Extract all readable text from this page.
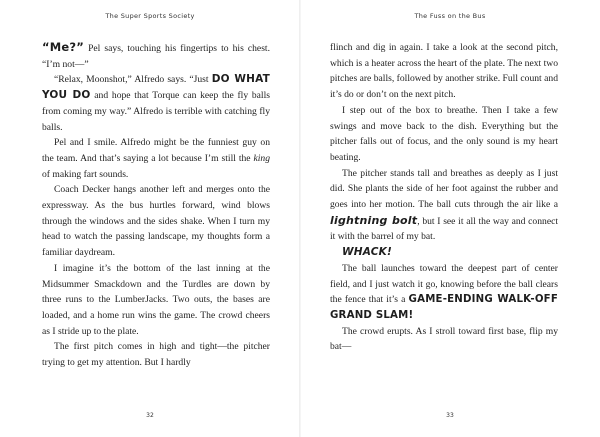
The Super Sports Society

“Me?” Pel says, touching his fingertips to his chest. “I’m not—”

“Relax, Moonshot,” Alfredo says. “Just DO WHAT YOU DO and hope that Torque can keep the fly balls from coming my way.” Alfredo is terrible with catching fly balls.

Pel and I smile. Alfredo might be the funniest guy on the team. And that’s saying a lot because I’m still the king of making fart sounds.

Coach Decker hangs another left and merges onto the expressway. As the bus hurtles forward, wind blows through the windows and the sides shake. When I turn my head to watch the passing landscape, my thoughts form a familiar daydream.

I imagine it’s the bottom of the last inning at the Midsummer Smackdown and the Turdles are down by three runs to the LumberJacks. Two outs, the bases are loaded, and a home run wins the game. The crowd cheers as I stride up to the plate.

The first pitch comes in high and tight—the pitcher trying to get my attention. But I hardly

32
The Fuss on the Bus

flinch and dig in again. I take a look at the second pitch, which is a heater across the heart of the plate. The next two pitches are balls, followed by another strike. Full count and it’s do or don’t on the next pitch.

I step out of the box to breathe. Then I take a few swings and move back to the dish. Everything but the pitcher falls out of focus, and the only sound is my heart beating.

The pitcher stands tall and breathes as deeply as I just did. She plants the side of her foot against the rubber and goes into her motion. The ball cuts through the air like a lightning bolt, but I see it all the way and connect it with the barrel of my bat.

WHACK!

The ball launches toward the deepest part of center field, and I just watch it go, knowing before the ball clears the fence that it’s a GAME-ENDING WALK-OFF GRAND SLAM!

The crowd erupts. As I stroll toward first base, flip my bat—

33
